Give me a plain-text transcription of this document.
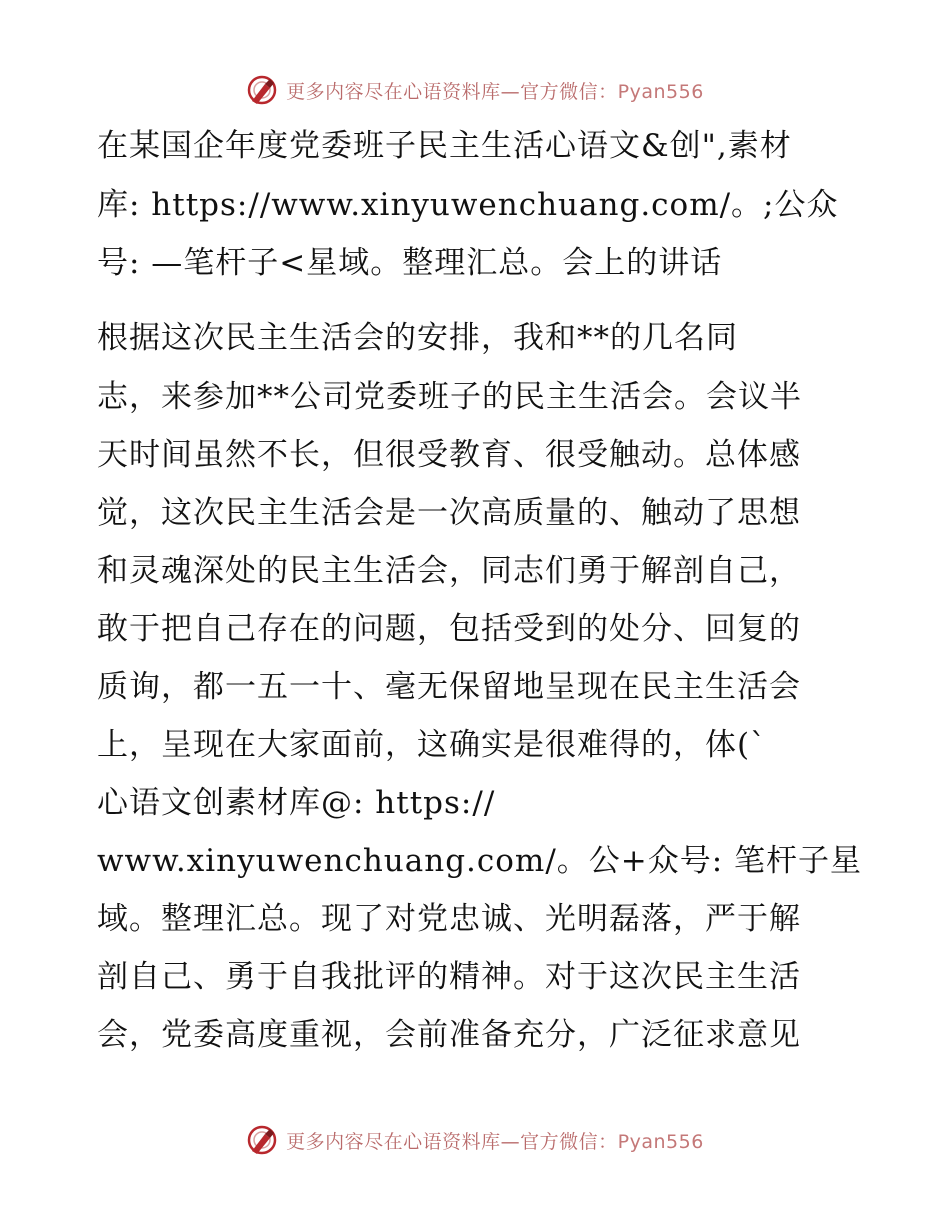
更多内容尽在心语资料库—官方微信：Pyan556
在某国企年度党委班子民主生活心语文&创",素材
库: https://www.xinyuwenchuang.com/。;公众
号: —笔杆子<星域。整理汇总。会上的讲话
根据这次民主生活会的安排，我和**的几名同
志，来参加**公司党委班子的民主生活会。会议半
天时间虽然不长，但很受教育、很受触动。总体感
觉，这次民主生活会是一次高质量的、触动了思想
和灵魂深处的民主生活会，同志们勇于解剖自己，
敢于把自己存在的问题，包括受到的处分、回复的
质询，都一五一十、毫无保留地呈现在民主生活会
上，呈现在大家面前，这确实是很难得的，体(`
心语文创素材库@: https://
www.xinyuwenchuang.com/。公+众号: 笔杆子星
域。整理汇总。现了对党忠诚、光明磊落，严于解
剖自己、勇于自我批评的精神。对于这次民主生活
会，党委高度重视，会前准备充分，广泛征求意见
更多内容尽在心语资料库—官方微信：Pyan556
